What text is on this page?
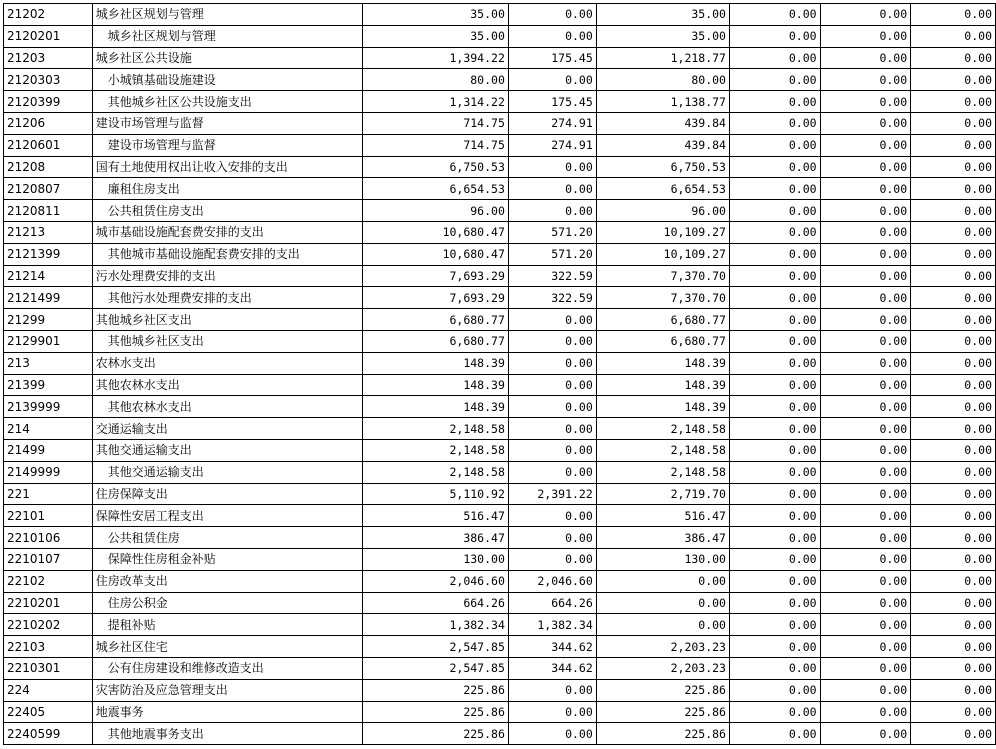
21202	城乡社区规划与管理	35.00	0.00	35.00	0.00	0.00	0.00
2120201	城乡社区规划与管理	35.00	0.00	35.00	0.00	0.00	0.00
21203	城乡社区公共设施	1,394.22	175.45	1,218.77	0.00	0.00	0.00
2120303	小城镇基础设施建设	80.00	0.00	80.00	0.00	0.00	0.00
2120399	其他城乡社区公共设施支出	1,314.22	175.45	1,138.77	0.00	0.00	0.00
21206	建设市场管理与监督	714.75	274.91	439.84	0.00	0.00	0.00
2120601	建设市场管理与监督	714.75	274.91	439.84	0.00	0.00	0.00
21208	国有土地使用权出让收入安排的支出	6,750.53	0.00	6,750.53	0.00	0.00	0.00
2120807	廉租住房支出	6,654.53	0.00	6,654.53	0.00	0.00	0.00
2120811	公共租赁住房支出	96.00	0.00	96.00	0.00	0.00	0.00
21213	城市基础设施配套费安排的支出	10,680.47	571.20	10,109.27	0.00	0.00	0.00
2121399	其他城市基础设施配套费安排的支出	10,680.47	571.20	10,109.27	0.00	0.00	0.00
21214	污水处理费安排的支出	7,693.29	322.59	7,370.70	0.00	0.00	0.00
2121499	其他污水处理费安排的支出	7,693.29	322.59	7,370.70	0.00	0.00	0.00
21299	其他城乡社区支出	6,680.77	0.00	6,680.77	0.00	0.00	0.00
2129901	其他城乡社区支出	6,680.77	0.00	6,680.77	0.00	0.00	0.00
213	农林水支出	148.39	0.00	148.39	0.00	0.00	0.00
21399	其他农林水支出	148.39	0.00	148.39	0.00	0.00	0.00
2139999	其他农林水支出	148.39	0.00	148.39	0.00	0.00	0.00
214	交通运输支出	2,148.58	0.00	2,148.58	0.00	0.00	0.00
21499	其他交通运输支出	2,148.58	0.00	2,148.58	0.00	0.00	0.00
2149999	其他交通运输支出	2,148.58	0.00	2,148.58	0.00	0.00	0.00
221	住房保障支出	5,110.92	2,391.22	2,719.70	0.00	0.00	0.00
22101	保障性安居工程支出	516.47	0.00	516.47	0.00	0.00	0.00
2210106	公共租赁住房	386.47	0.00	386.47	0.00	0.00	0.00
2210107	保障性住房租金补贴	130.00	0.00	130.00	0.00	0.00	0.00
22102	住房改革支出	2,046.60	2,046.60	0.00	0.00	0.00	0.00
2210201	住房公积金	664.26	664.26	0.00	0.00	0.00	0.00
2210202	提租补贴	1,382.34	1,382.34	0.00	0.00	0.00	0.00
22103	城乡社区住宅	2,547.85	344.62	2,203.23	0.00	0.00	0.00
2210301	公有住房建设和维修改造支出	2,547.85	344.62	2,203.23	0.00	0.00	0.00
224	灾害防治及应急管理支出	225.86	0.00	225.86	0.00	0.00	0.00
22405	地震事务	225.86	0.00	225.86	0.00	0.00	0.00
2240599	其他地震事务支出	225.86	0.00	225.86	0.00	0.00	0.00
